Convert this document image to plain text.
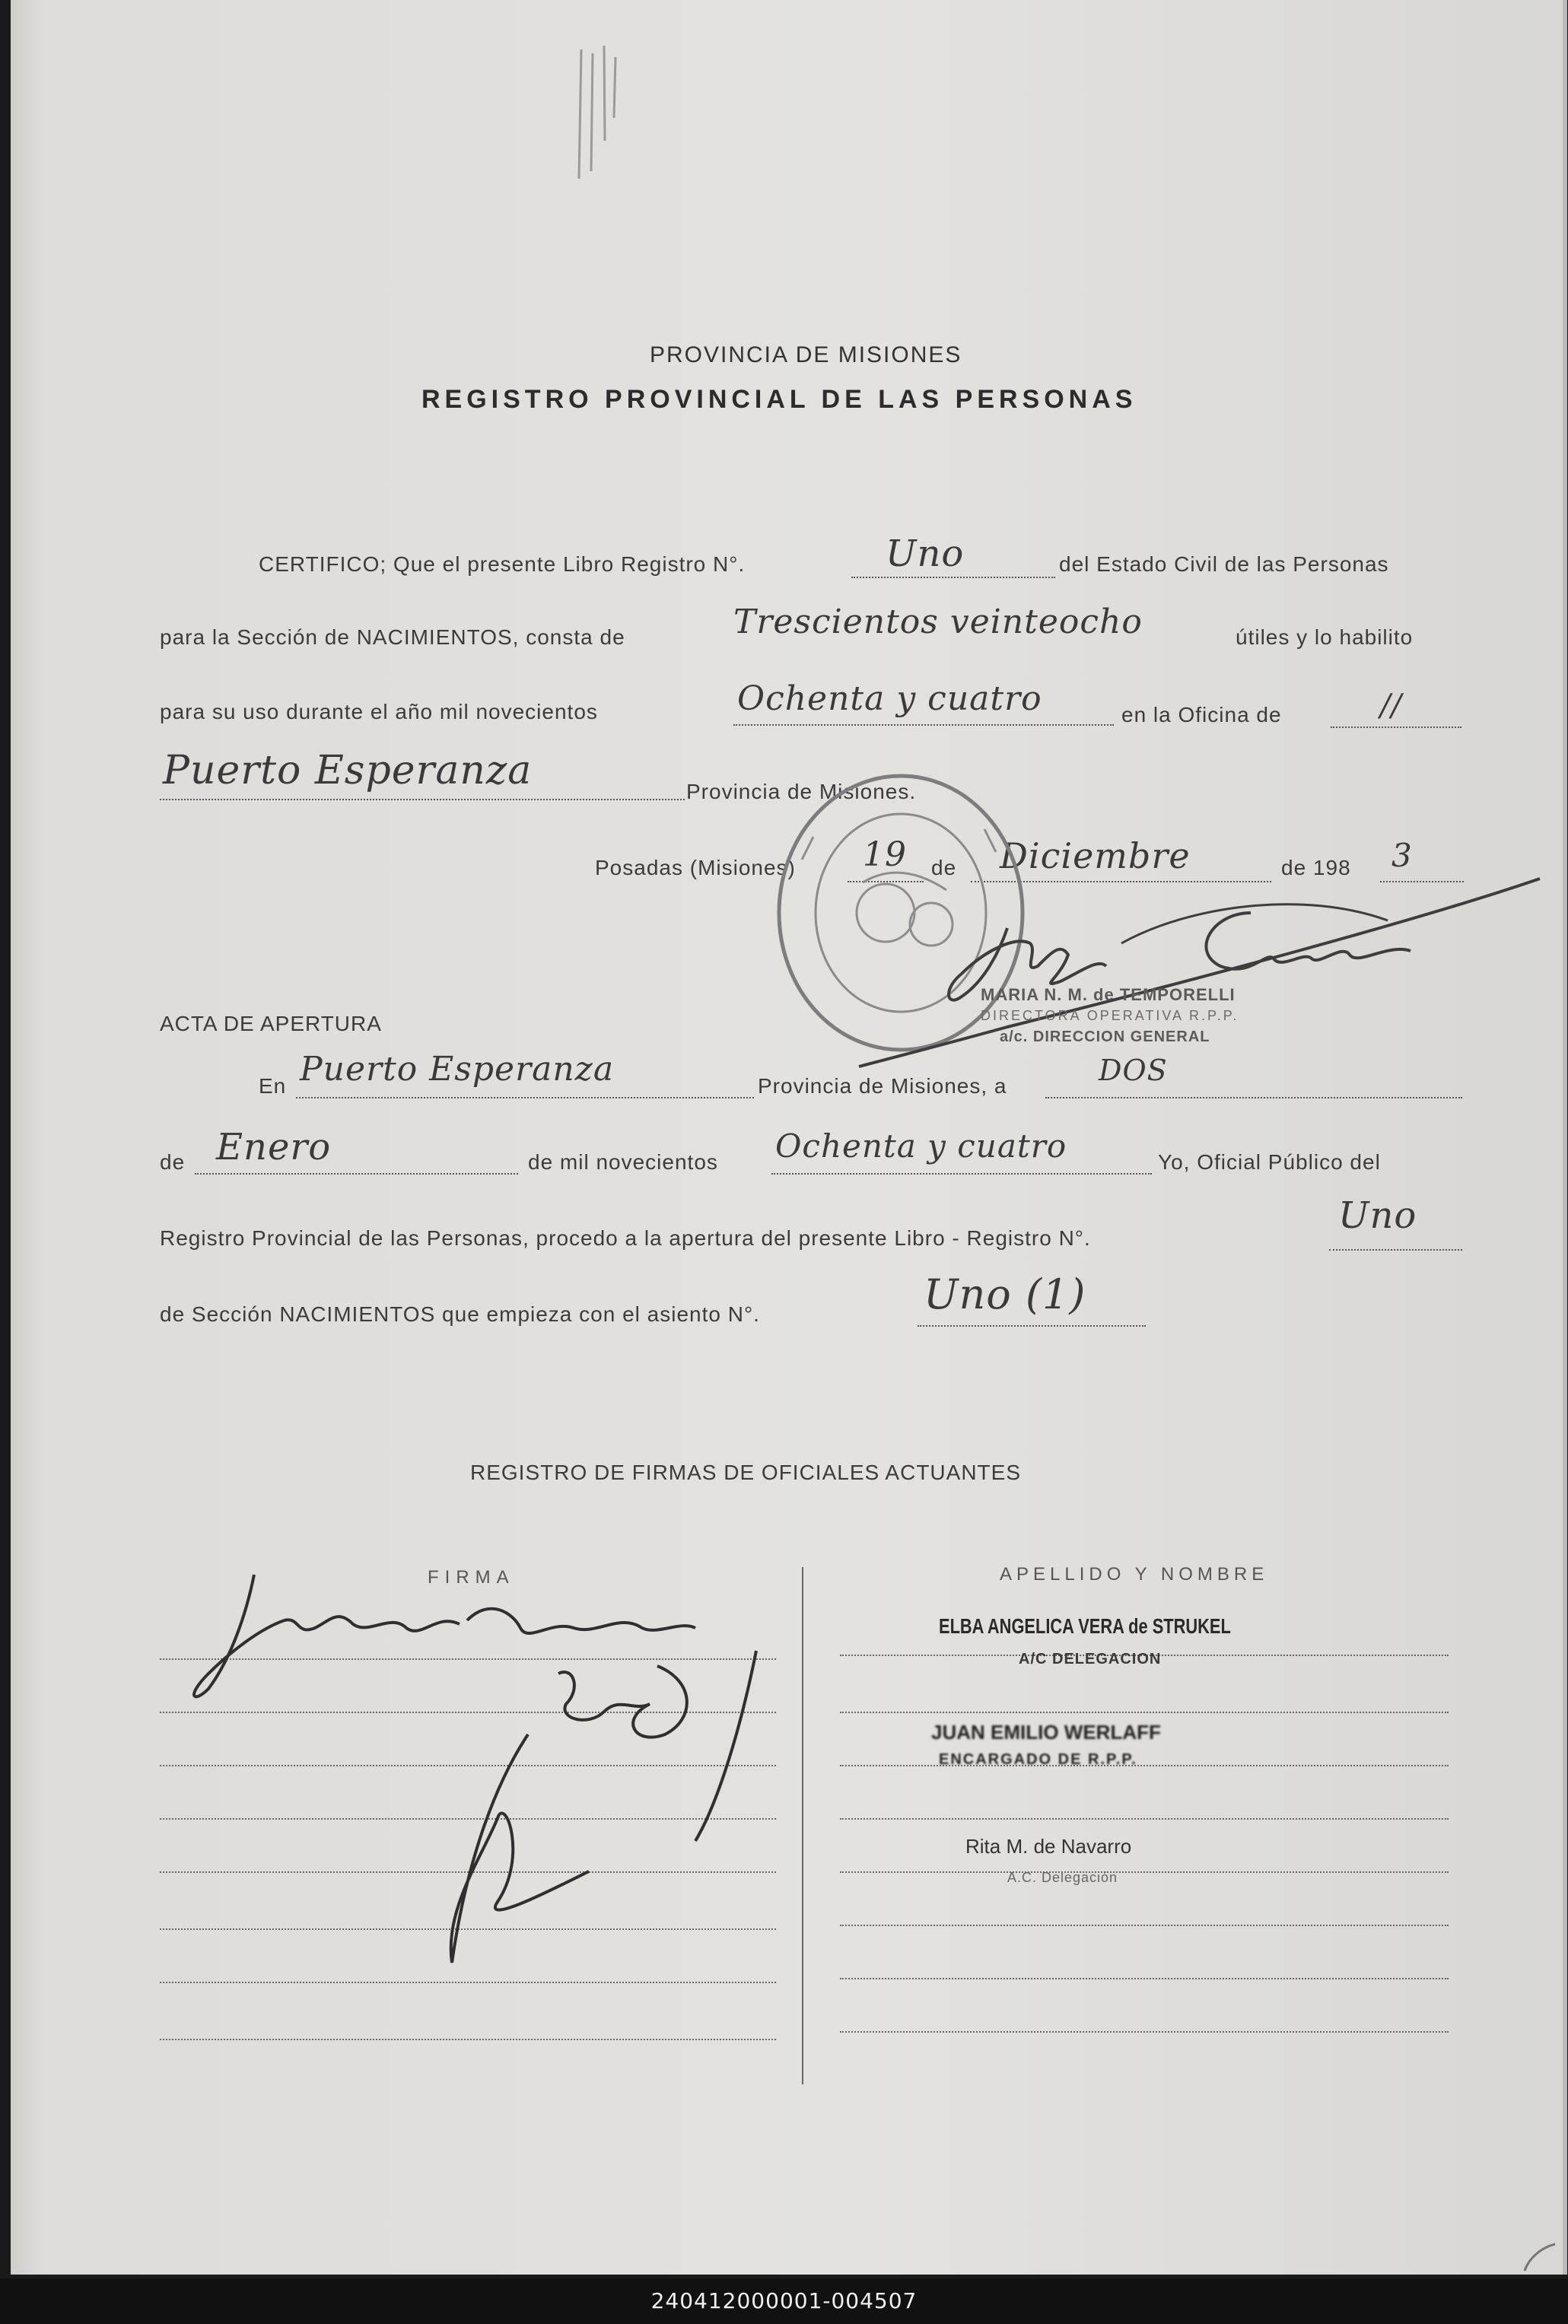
PROVINCIA DE MISIONES
REGISTRO PROVINCIAL DE LAS PERSONAS
CERTIFICO; Que el presente Libro Registro N°.	Uno	del Estado Civil de las Personas
para la Sección de NACIMIENTOS, consta de	Trescientos veinteocho	útiles y lo habilito
para su uso durante el año mil novecientos	Ochenta y cuatro	en la Oficina de	//
Puerto Esperanza	Provincia de Misiones.
Posadas (Misiones) 19 de Diciembre	de 198 3
MARIA N. M. de TEMPORELLI
DIRECTORA OPERATIVA R.P.P.
a/c. DIRECCION GENERAL
ACTA DE APERTURA
En Puerto Esperanza	Provincia de Misiones, a	DOS
de Enero	de mil novecientos Ochenta y cuatro	Yo, Oficial Público del
Registro Provincial de las Personas, procedo a la apertura del presente Libro - Registro N°.
Uno
de Sección NACIMIENTOS que empieza con el asiento N°.	Uno (1)
REGISTRO DE FIRMAS DE OFICIALES ACTUANTES
FIRMA	APELLIDO Y NOMBRE
ELBA ANGELICA VERA de STRUKEL
A/C DELEGACION
JUAN EMILIO WERLAFF
ENCARGADO DE R.P.P.
Rita M. de Navarro
A.C. Delegación
240412000001-004507
